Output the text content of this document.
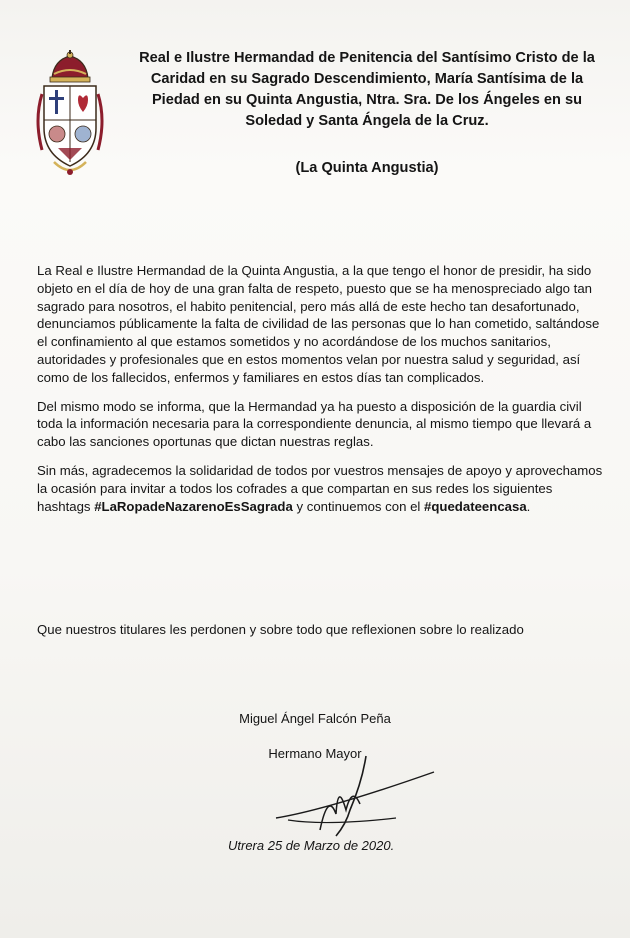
Real e Ilustre Hermandad de Penitencia del Santísimo Cristo de la Caridad en su Sagrado Descendimiento, María Santísima de la Piedad en su Quinta Angustia, Ntra. Sra. De los Ángeles en su Soledad y Santa Ángela de la Cruz.

(La Quinta Angustia)

La Real e Ilustre Hermandad de la Quinta Angustia, a la que tengo el honor de presidir, ha sido objeto en el día de hoy de una gran falta de respeto, puesto que se ha menospreciado algo tan sagrado para nosotros, el habito penitencial, pero más allá de este hecho tan desafortunado, denunciamos públicamente la falta de civilidad de las personas que lo han cometido, saltándose el confinamiento al que estamos sometidos y no acordándose de los muchos sanitarios, autoridades y profesionales que en estos momentos velan por nuestra salud y seguridad, así como de los fallecidos, enfermos y familiares en estos días tan complicados.

Del mismo modo se informa, que la Hermandad ya ha puesto a disposición de la guardia civil toda la información necesaria para la correspondiente denuncia, al mismo tiempo que llevará a cabo las sanciones oportunas que dictan nuestras reglas.

Sin más, agradecemos la solidaridad de todos por vuestros mensajes de apoyo y aprovechamos la ocasión para invitar a todos los cofrades a que compartan en sus redes los siguientes hashtags #LaRopadeNazarenoEsSagrada y continuemos con el #quedateencasa.

Que nuestros titulares les perdonen y sobre todo que reflexionen sobre lo realizado
Miguel Ángel Falcón Peña
Hermano Mayor
Utrera 25 de Marzo de 2020.
